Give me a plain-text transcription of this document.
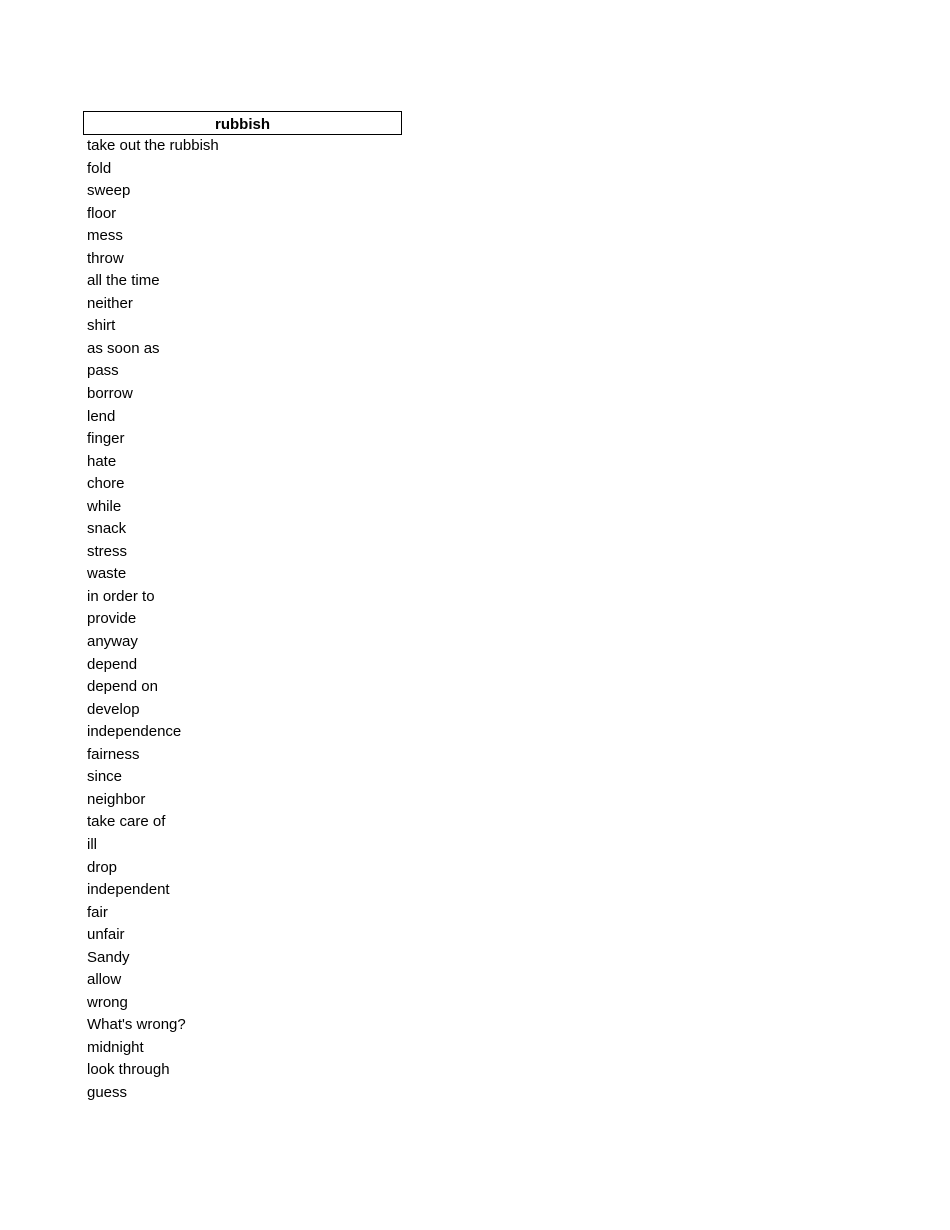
rubbish
take out the rubbish
fold
sweep
floor
mess
throw
all the time
neither
shirt
as soon as
pass
borrow
lend
finger
hate
chore
while
snack
stress
waste
in order to
provide
anyway
depend
depend on
develop
independence
fairness
since
neighbor
take care of
ill
drop
independent
fair
unfair
Sandy
allow
wrong
What's wrong?
midnight
look through
guess
